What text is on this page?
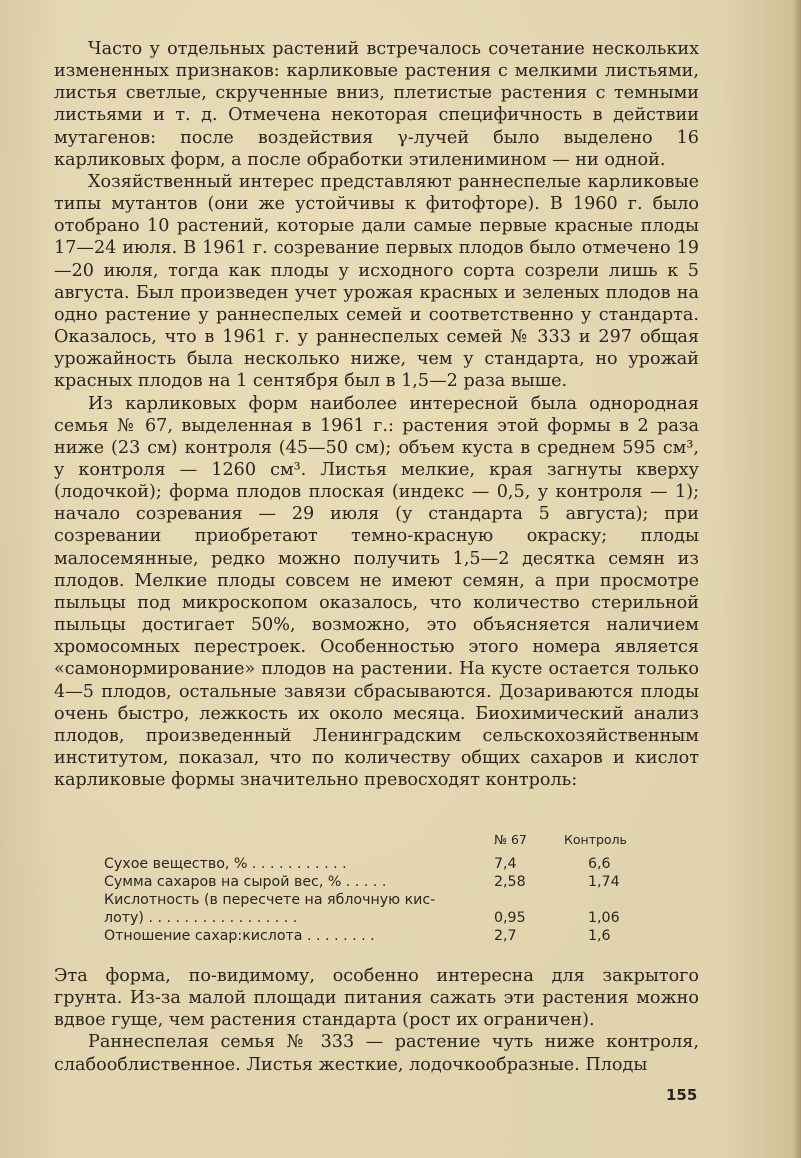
Часто у отдельных растений встречалось сочетание нескольких измененных признаков: карликовые растения с мелкими листьями, листья светлые, скрученные вниз, плетистые растения с темными листьями и т. д. Отмечена некоторая специфичность в действии мутагенов: после воздействия γ-лучей было выделено 16 карликовых форм, а после обработки этиленимином — ни одной.

Хозяйственный интерес представляют раннеспелые карликовые типы мутантов (они же устойчивы к фитофторе). В 1960 г. было отобрано 10 растений, которые дали самые первые красные плоды 17—24 июля. В 1961 г. созревание первых плодов было отмечено 19—20 июля, тогда как плоды у исходного сорта созрели лишь к 5 августа. Был произведен учет урожая красных и зеленых плодов на одно растение у раннеспелых семей и соответственно у стандарта. Оказалось, что в 1961 г. у раннеспелых семей № 333 и 297 общая урожайность была несколько ниже, чем у стандарта, но урожай красных плодов на 1 сентября был в 1,5—2 раза выше.

Из карликовых форм наиболее интересной была однородная семья № 67, выделенная в 1961 г.: растения этой формы в 2 раза ниже (23 см) контроля (45—50 см); объем куста в среднем 595 см³, у контроля — 1260 см³. Листья мелкие, края загнуты кверху (лодочкой); форма плодов плоская (индекс — 0,5, у контроля — 1); начало созревания — 29 июля (у стандарта 5 августа); при созревании приобретают темно-красную окраску; плоды малосемянные, редко можно получить 1,5—2 десятка семян из плодов. Мелкие плоды совсем не имеют семян, а при просмотре пыльцы под микроскопом оказалось, что количество стерильной пыльцы достигает 50%, возможно, это объясняется наличием хромосомных перестроек. Особенностью этого номера является «самонормирование» плодов на растении. На кусте остается только 4—5 плодов, остальные завязи сбрасываются. Дозариваются плоды очень быстро, лежкость их около месяца. Биохимический анализ плодов, произведенный Ленинградским сельскохозяйственным институтом, показал, что по количеству общих сахаров и кислот карликовые формы значительно превосходят контроль:

№ 67	Контроль
Сухое вещество, % . . . . . . . . . . .	7,4	6,6
Сумма сахаров на сырой вес, % . . . . .	2,58	1,74
Кислотность (в пересчете на яблочную кис-
лоту) . . . . . . . . . . . . . . . . .	0,95	1,06
Отношение сахар:кислота . . . . . . . .	2,7	1,6

Эта форма, по-видимому, особенно интересна для закрытого грунта. Из-за малой площади питания сажать эти растения можно вдвое гуще, чем растения стандарта (рост их ограничен).

Раннеспелая семья № 333 — растение чуть ниже контроля, слабооблиственное. Листья жесткие, лодочкообразные. Плоды

155
